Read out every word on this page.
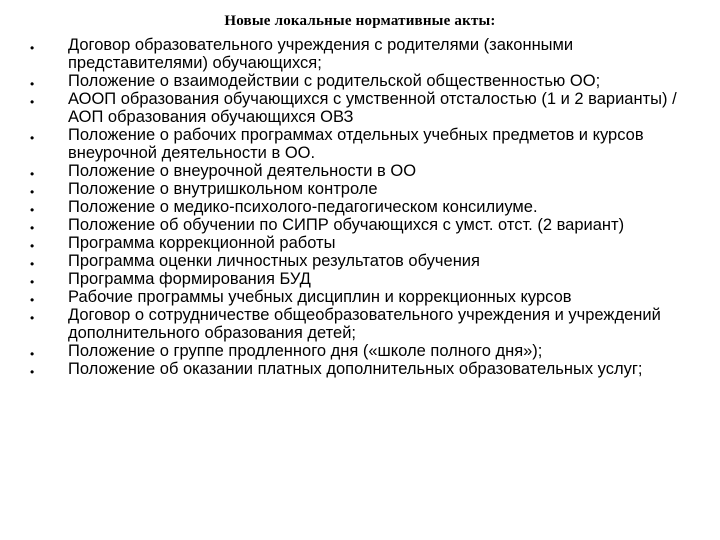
Новые локальные нормативные акты:
• Договор образовательного учреждения с родителями (законными представителями) обучающихся;
• Положение о взаимодействии с родительской общественностью ОО;
• АООП образования обучающихся с умственной отсталостью (1 и 2 варианты) /АОП образования обучающихся ОВЗ
• Положение о рабочих программах отдельных учебных предметов и курсов внеурочной деятельности в ОО.
• Положение о внеурочной деятельности в ОО
• Положение о внутришкольном контроле
• Положение о медико-психолого-педагогическом консилиуме.
• Положение об обучении по СИПР обучающихся с умст. отст. (2 вариант)
• Программа коррекционной работы
• Программа оценки личностных результатов обучения
• Программа формирования БУД
• Рабочие программы учебных дисциплин и коррекционных курсов
• Договор о сотрудничестве общеобразовательного учреждения и учреждений дополнительного образования детей;
• Положение о группе продленного дня («школе полного дня»);
• Положение об оказании платных дополнительных образовательных услуг;
